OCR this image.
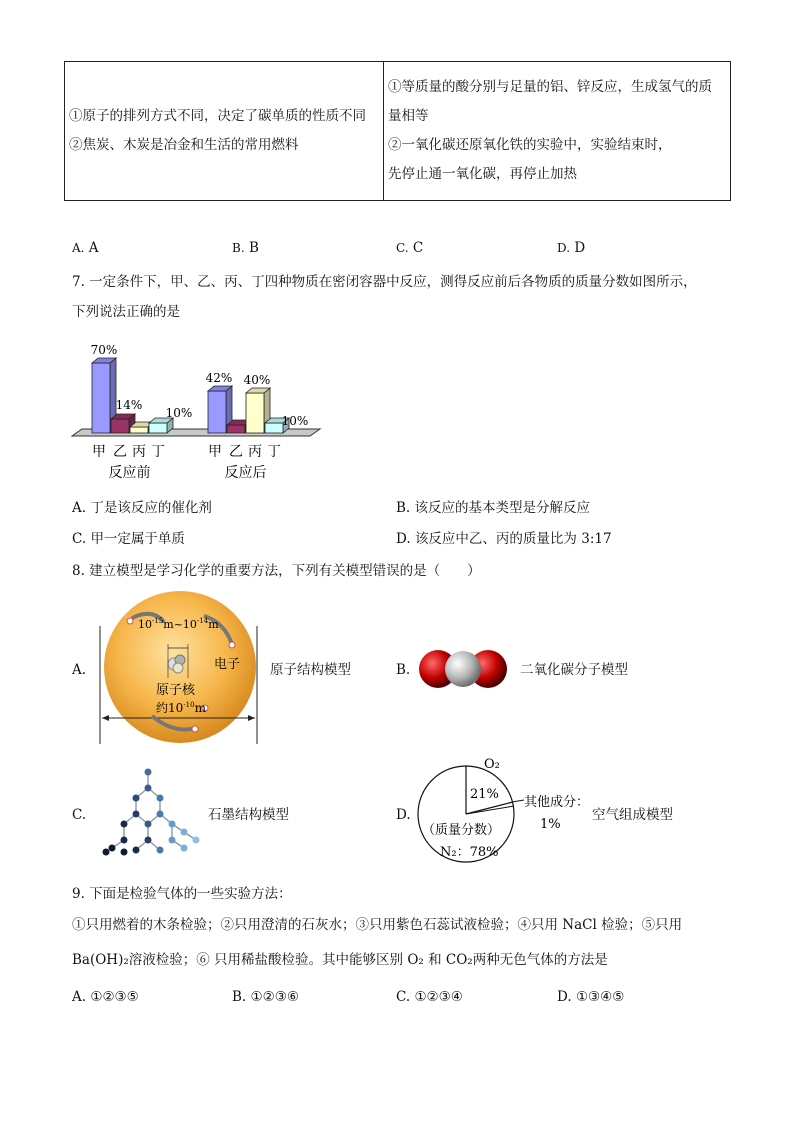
①原子的排列方式不同，决定了碳单质的性质不同
②焦炭、木炭是冶金和生活的常用燃料

①等质量的酸分别与足量的铝、锌反应，生成氢气的质
量相等
②一氧化碳还原氧化铁的实验中，实验结束时，
先停止通一氧化碳，再停止加热
A. A	B. B	C. C	D. D
7. 一定条件下，甲、乙、丙、丁四种物质在密闭容器中反应，测得反应前后各物质的质量分数如图所示，
下列说法正确的是
70%
14%
10%
42% 40%
10%
甲 乙 丙 丁
反应前
甲 乙 丙 丁
反应后
A. 丁是该反应的催化剂	B. 该反应的基本类型是分解反应
C. 甲一定属于单质	D. 该反应中乙、丙的质量比为 3:17
8. 建立模型是学习化学的重要方法，下列有关模型错误的是（　　）
A.
$10^{-15}m\sim 10^{-14}m$
电子
原子核
约$10^{-10}m$
原子结构模型	B.	二氧化碳分子模型
C.	石墨结构模型	D.
O₂
21%
其他成分：
1%
（质量分数）
N₂：78%
空气组成模型
9. 下面是检验气体的一些实验方法：
①只用燃着的木条检验；②只用澄清的石灰水；③只用紫色石蕊试液检验；④只用 NaCl 检验；⑤只用
Ba(OH)₂溶液检验；⑥ 只用稀盐酸检验。其中能够区别 O₂ 和 CO₂两种无色气体的方法是
A. ①②③⑤	B. ①②③⑥	C. ①②③④	D. ①③④⑤
